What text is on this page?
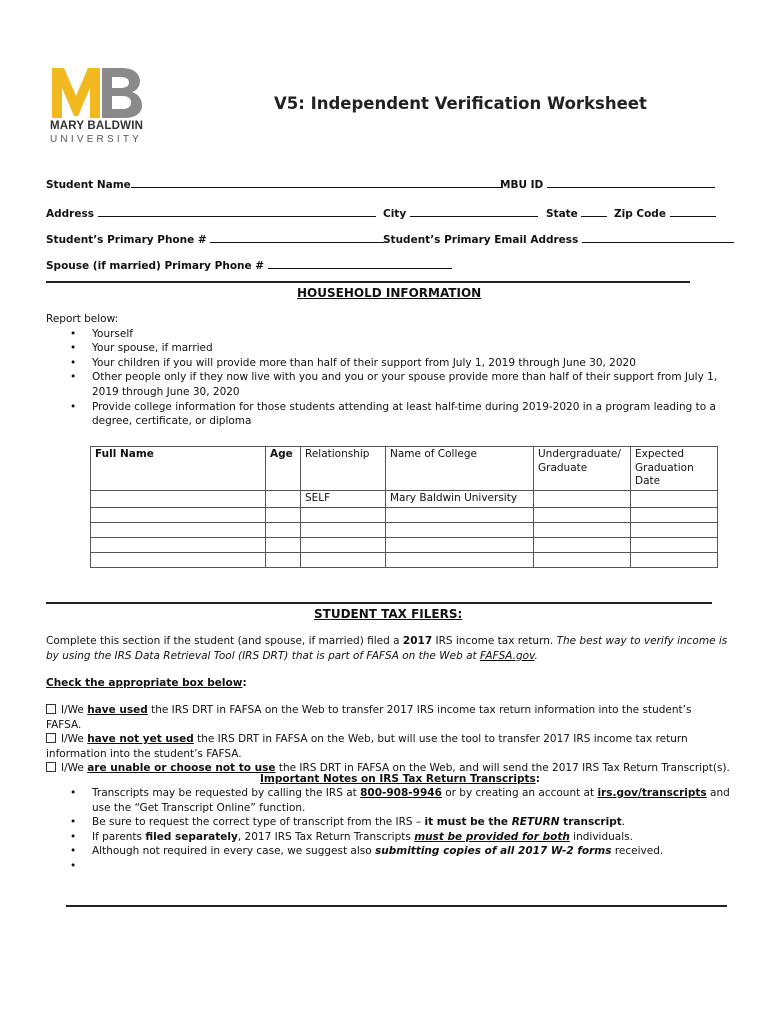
MARY BALDWIN
UNIVERSITY
V5: Independent Verification Worksheet
Student Name	MBU ID
Address	City	State	Zip Code
Student’s Primary Phone #	Student’s Primary Email Address
Spouse (if married) Primary Phone #
HOUSEHOLD INFORMATION
Report below:
• Yourself
• Your spouse, if married
• Your children if you will provide more than half of their support from July 1, 2019 through June 30, 2020
• Other people only if they now live with you and you or your spouse provide more than half of their support from July 1, 2019 through June 30, 2020
• Provide college information for those students attending at least half-time during 2019-2020 in a program leading to a degree, certificate, or diploma
Full Name	Age	Relationship	Name of College	Undergraduate/ Graduate	Expected Graduation Date
		SELF	Mary Baldwin University		

STUDENT TAX FILERS:
Complete this section if the student (and spouse, if married) filed a 2017 IRS income tax return. The best way to verify income is by using the IRS Data Retrieval Tool (IRS DRT) that is part of FAFSA on the Web at FAFSA.gov.
Check the appropriate box below:
I/We have used the IRS DRT in FAFSA on the Web to transfer 2017 IRS income tax return information into the student’s FAFSA.
I/We have not yet used the IRS DRT in FAFSA on the Web, but will use the tool to transfer 2017 IRS income tax return information into the student’s FAFSA.
I/We are unable or choose not to use the IRS DRT in FAFSA on the Web, and will send the 2017 IRS Tax Return Transcript(s).
Important Notes on IRS Tax Return Transcripts:
• Transcripts may be requested by calling the IRS at 800-908-9946 or by creating an account at irs.gov/transcripts and use the “Get Transcript Online” function.
• Be sure to request the correct type of transcript from the IRS – it must be the RETURN transcript.
• If parents filed separately, 2017 IRS Tax Return Transcripts must be provided for both individuals.
• Although not required in every case, we suggest also submitting copies of all 2017 W-2 forms received.
•
